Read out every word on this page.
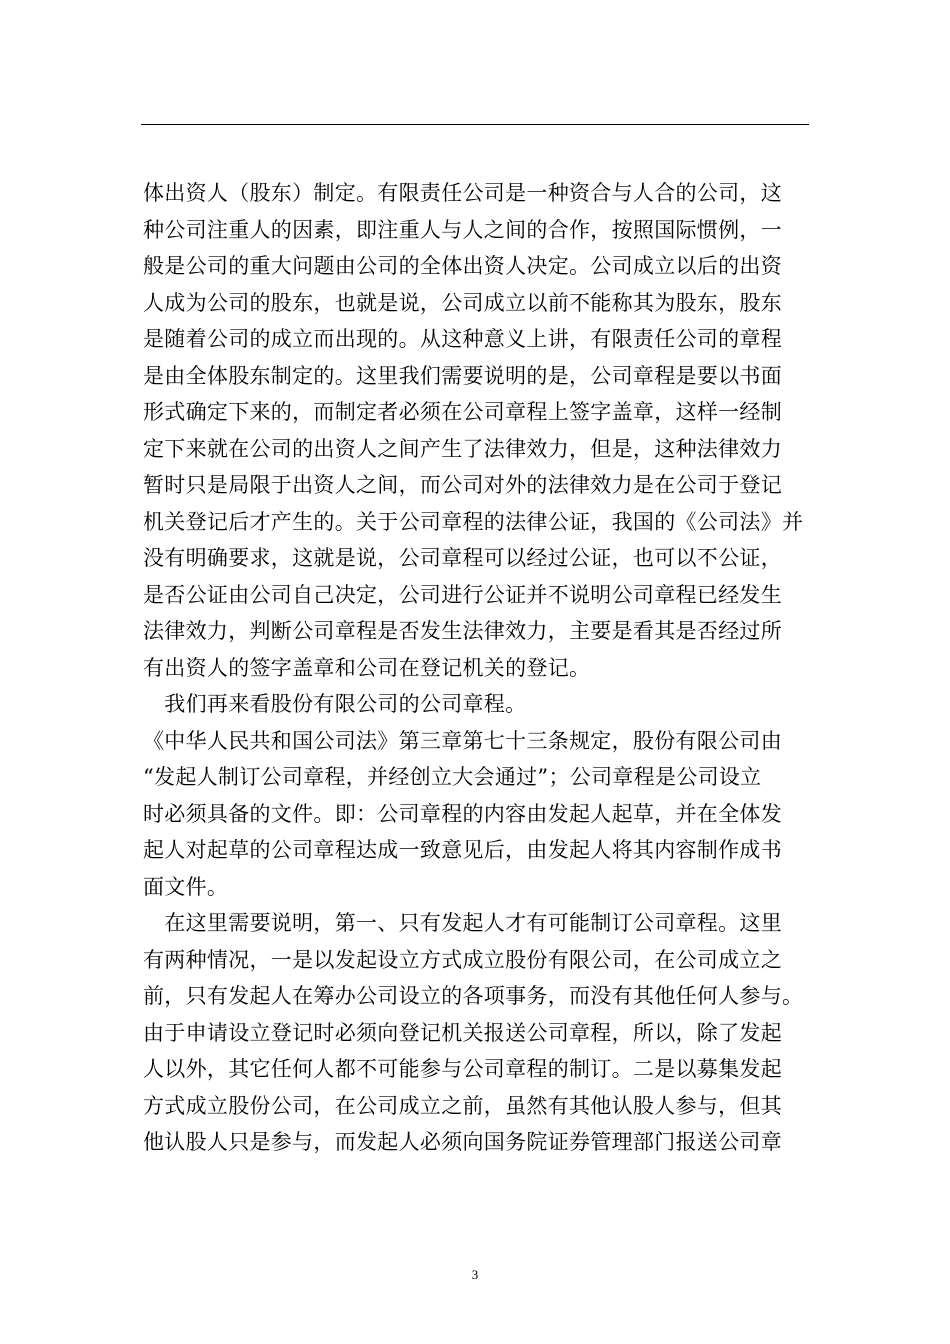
体出资人（股东）制定。有限责任公司是一种资合与人合的公司，这
种公司注重人的因素，即注重人与人之间的合作，按照国际惯例，一
般是公司的重大问题由公司的全体出资人决定。公司成立以后的出资
人成为公司的股东，也就是说，公司成立以前不能称其为股东，股东
是随着公司的成立而出现的。从这种意义上讲，有限责任公司的章程
是由全体股东制定的。这里我们需要说明的是，公司章程是要以书面
形式确定下来的，而制定者必须在公司章程上签字盖章，这样一经制
定下来就在公司的出资人之间产生了法律效力，但是，这种法律效力
暂时只是局限于出资人之间，而公司对外的法律效力是在公司于登记
机关登记后才产生的。关于公司章程的法律公证，我国的《公司法》并
没有明确要求，这就是说，公司章程可以经过公证，也可以不公证，
是否公证由公司自己决定，公司进行公证并不说明公司章程已经发生
法律效力，判断公司章程是否发生法律效力，主要是看其是否经过所
有出资人的签字盖章和公司在登记机关的登记。
　我们再来看股份有限公司的公司章程。
《中华人民共和国公司法》第三章第七十三条规定，股份有限公司由
“发起人制订公司章程，并经创立大会通过”；公司章程是公司设立
时必须具备的文件。即：公司章程的内容由发起人起草，并在全体发
起人对起草的公司章程达成一致意见后，由发起人将其内容制作成书
面文件。
　在这里需要说明，第一、只有发起人才有可能制订公司章程。这里
有两种情况，一是以发起设立方式成立股份有限公司，在公司成立之
前，只有发起人在筹办公司设立的各项事务，而没有其他任何人参与。
由于申请设立登记时必须向登记机关报送公司章程，所以，除了发起
人以外，其它任何人都不可能参与公司章程的制订。二是以募集发起
方式成立股份公司，在公司成立之前，虽然有其他认股人参与，但其
他认股人只是参与，而发起人必须向国务院证券管理部门报送公司章
3
